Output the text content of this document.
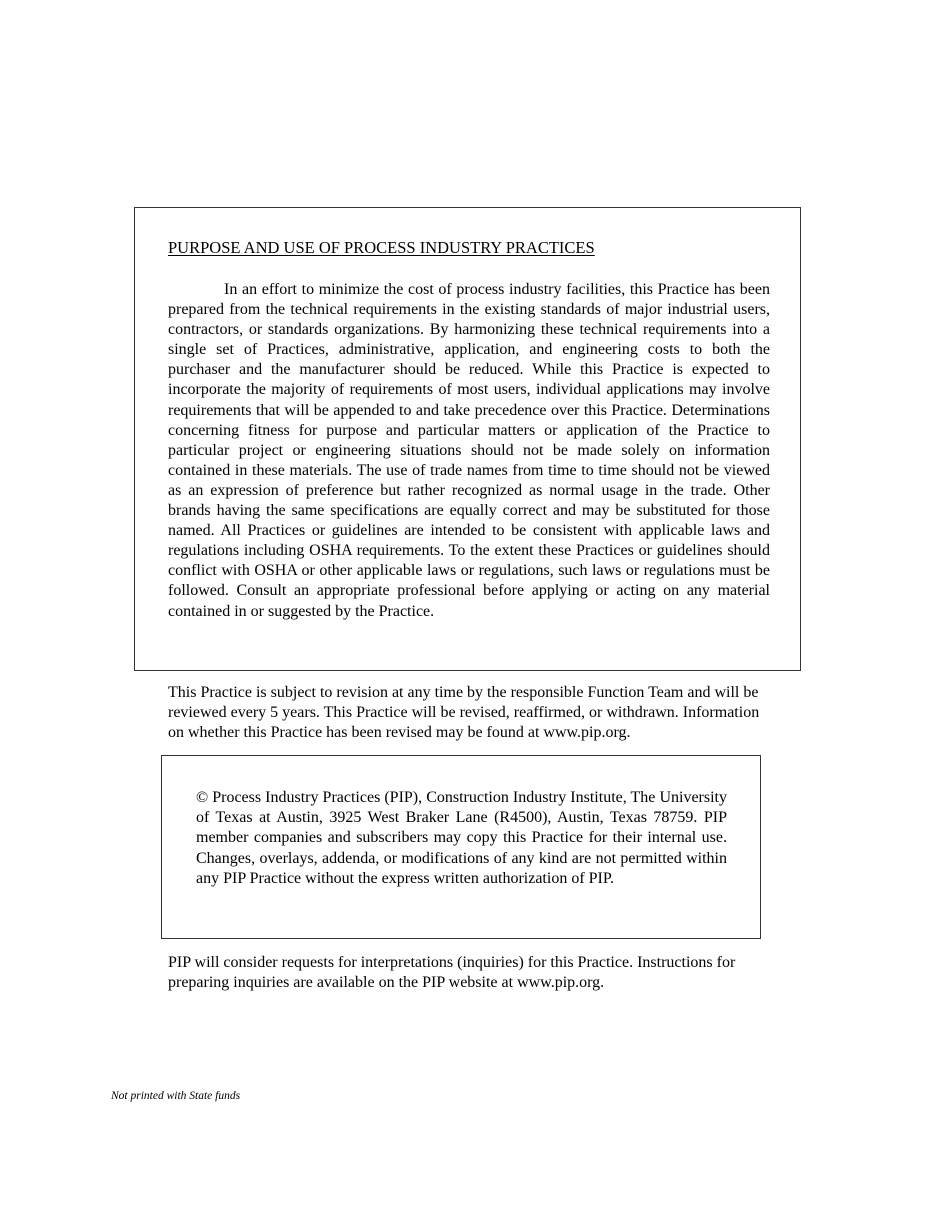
PURPOSE AND USE OF PROCESS INDUSTRY PRACTICES

In an effort to minimize the cost of process industry facilities, this Practice has been prepared from the technical requirements in the existing standards of major industrial users, contractors, or standards organizations. By harmonizing these technical requirements into a single set of Practices, administrative, application, and engineering costs to both the purchaser and the manufacturer should be reduced. While this Practice is expected to incorporate the majority of requirements of most users, individual applications may involve requirements that will be appended to and take precedence over this Practice. Determinations concerning fitness for purpose and particular matters or application of the Practice to particular project or engineering situations should not be made solely on information contained in these materials. The use of trade names from time to time should not be viewed as an expression of preference but rather recognized as normal usage in the trade. Other brands having the same specifications are equally correct and may be substituted for those named. All Practices or guidelines are intended to be consistent with applicable laws and regulations including OSHA requirements. To the extent these Practices or guidelines should conflict with OSHA or other applicable laws or regulations, such laws or regulations must be followed. Consult an appropriate professional before applying or acting on any material contained in or suggested by the Practice.

This Practice is subject to revision at any time by the responsible Function Team and will be reviewed every 5 years. This Practice will be revised, reaffirmed, or withdrawn. Information on whether this Practice has been revised may be found at www.pip.org.

© Process Industry Practices (PIP), Construction Industry Institute, The University of Texas at Austin, 3925 West Braker Lane (R4500), Austin, Texas 78759. PIP member companies and subscribers may copy this Practice for their internal use. Changes, overlays, addenda, or modifications of any kind are not permitted within any PIP Practice without the express written authorization of PIP.

PIP will consider requests for interpretations (inquiries) for this Practice. Instructions for preparing inquiries are available on the PIP website at www.pip.org.

Not printed with State funds
